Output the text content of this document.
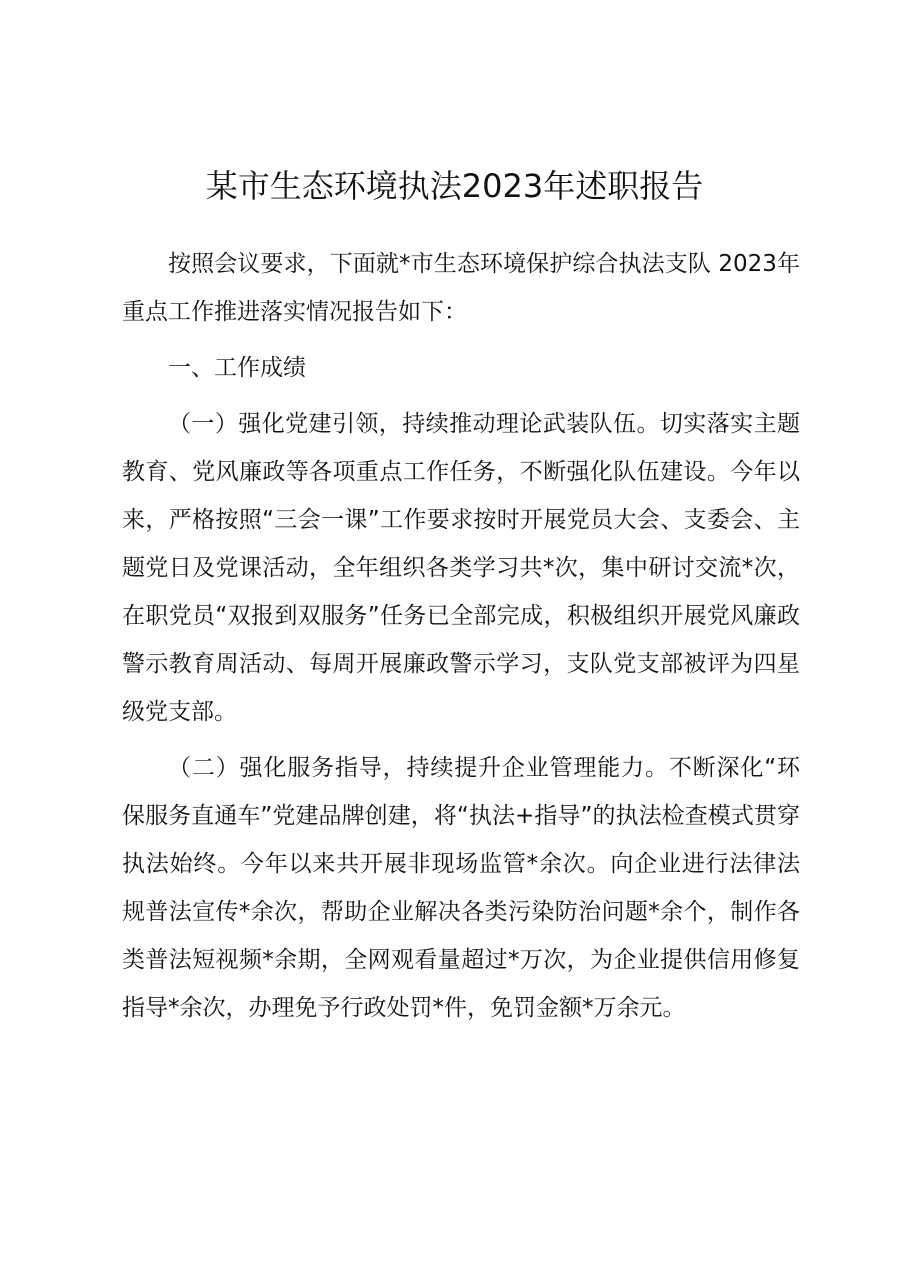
某市生态环境执法2023年述职报告

按照会议要求，下面就*市生态环境保护综合执法支队 2023年重点工作推进落实情况报告如下：

一、工作成绩

（一）强化党建引领，持续推动理论武装队伍。切实落实主题教育、党风廉政等各项重点工作任务，不断强化队伍建设。今年以来，严格按照“三会一课”工作要求按时开展党员大会、支委会、主题党日及党课活动，全年组织各类学习共*次，集中研讨交流*次，在职党员“双报到双服务”任务已全部完成，积极组织开展党风廉政警示教育周活动、每周开展廉政警示学习，支队党支部被评为四星级党支部。

（二）强化服务指导，持续提升企业管理能力。不断深化“环保服务直通车”党建品牌创建，将“执法+指导”的执法检查模式贯穿执法始终。今年以来共开展非现场监管*余次。向企业进行法律法规普法宣传*余次，帮助企业解决各类污染防治问题*余个，制作各类普法短视频*余期，全网观看量超过*万次，为企业提供信用修复指导*余次，办理免予行政处罚*件，免罚金额*万余元。
